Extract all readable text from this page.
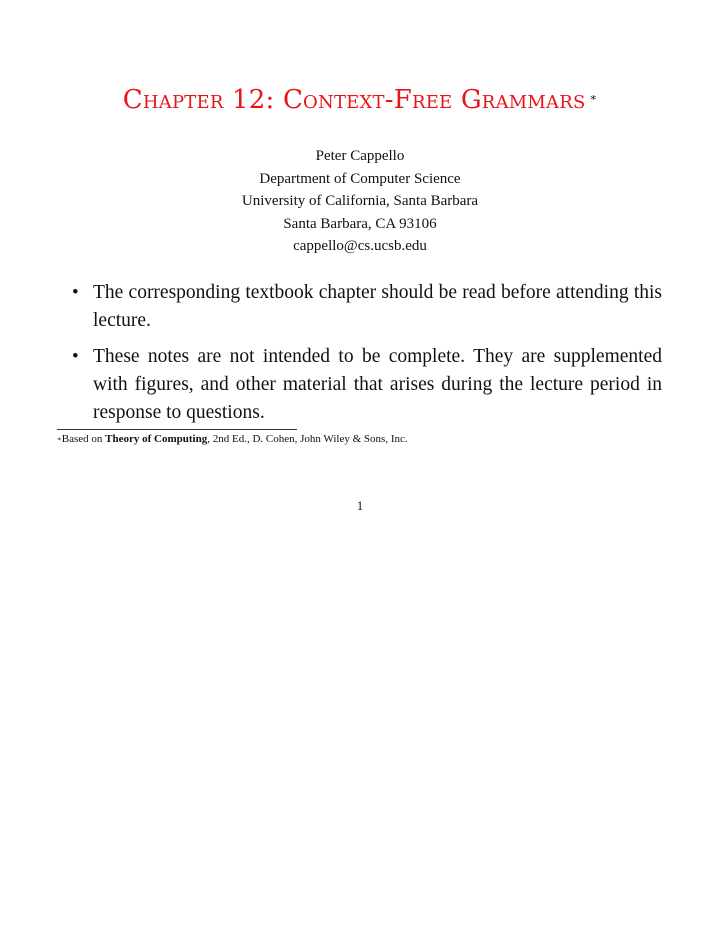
Chapter 12: Context-Free Grammars ∗
Peter Cappello
Department of Computer Science
University of California, Santa Barbara
Santa Barbara, CA 93106
cappello@cs.ucsb.edu
• The corresponding textbook chapter should be read before attending this lecture.
• These notes are not intended to be complete. They are supplemented with figures, and other material that arises during the lecture period in response to questions.
∗Based on Theory of Computing, 2nd Ed., D. Cohen, John Wiley & Sons, Inc.
1
